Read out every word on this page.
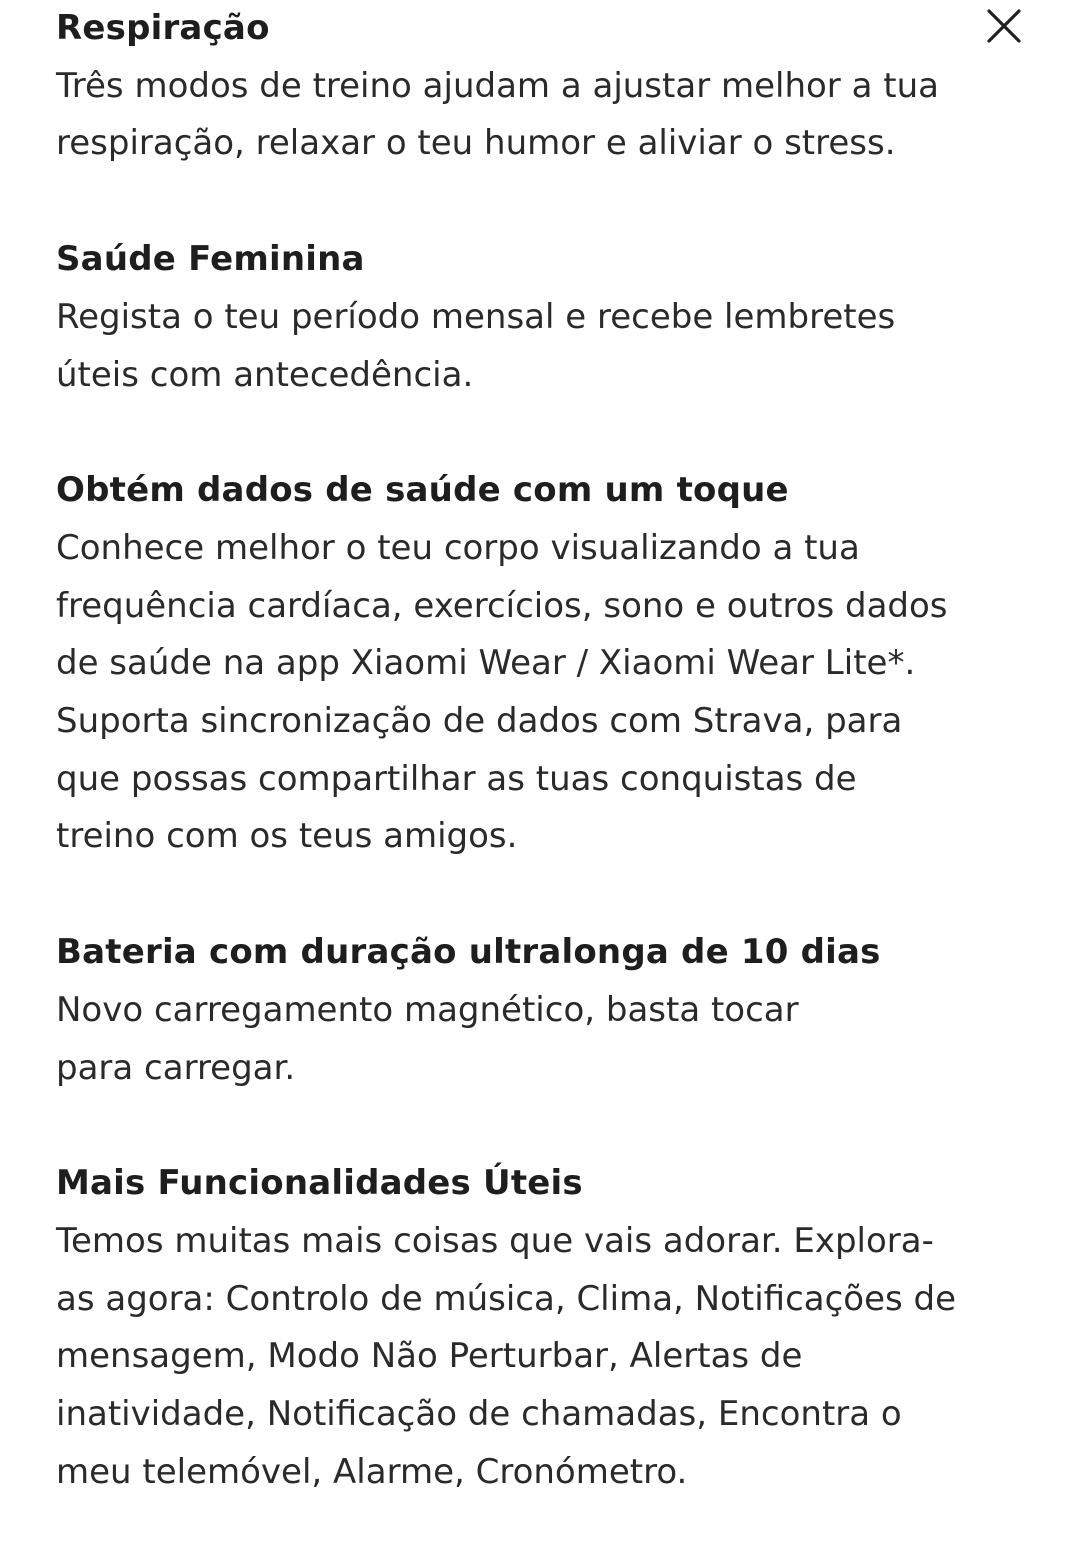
Respiração

Três modos de treino ajudam a ajustar melhor a tua
respiração, relaxar o teu humor e aliviar o stress.

Saúde Feminina

Regista o teu período mensal e recebe lembretes
úteis com antecedência.

Obtém dados de saúde com um toque

Conhece melhor o teu corpo visualizando a tua
frequência cardíaca, exercícios, sono e outros dados
de saúde na app Xiaomi Wear / Xiaomi Wear Lite*.
Suporta sincronização de dados com Strava, para
que possas compartilhar as tuas conquistas de
treino com os teus amigos.

Bateria com duração ultralonga de 10 dias

Novo carregamento magnético, basta tocar
para carregar.

Mais Funcionalidades Úteis

Temos muitas mais coisas que vais adorar. Explora-
as agora: Controlo de música, Clima, Notificações de
mensagem, Modo Não Perturbar, Alertas de
inatividade, Notificação de chamadas, Encontra o
meu telemóvel, Alarme, Cronómetro.
